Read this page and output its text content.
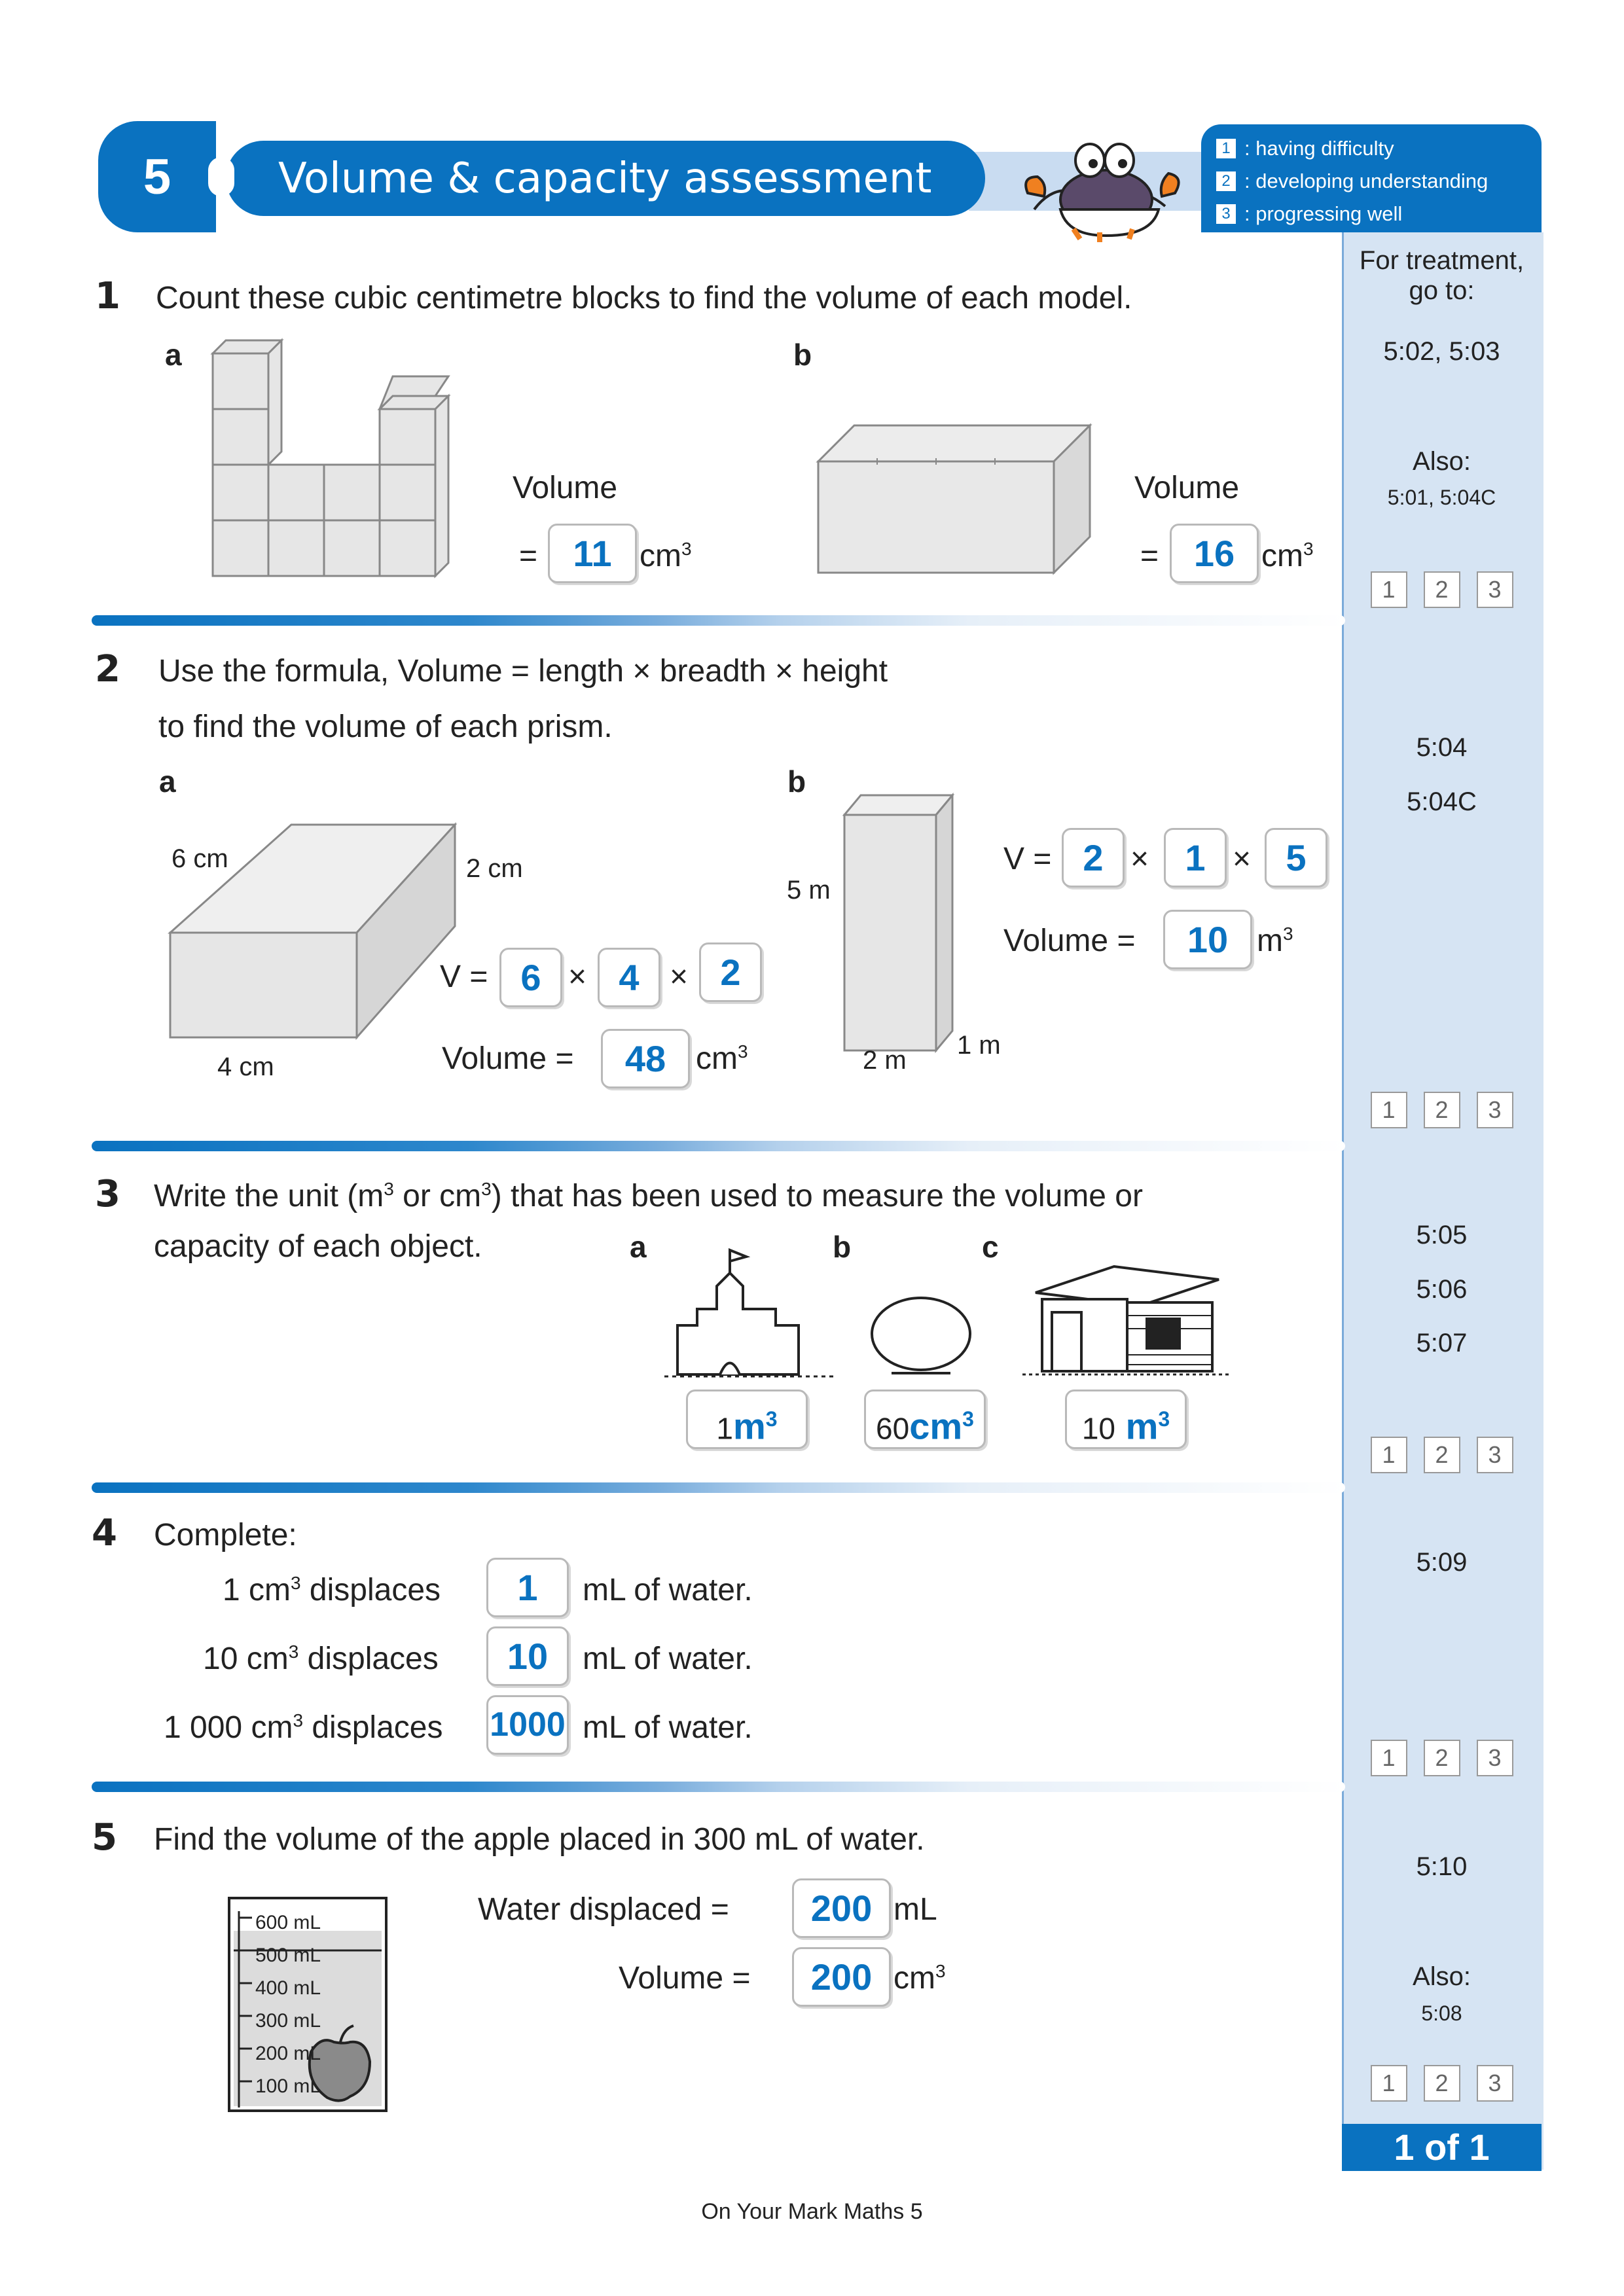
Volume & capacity assessment
5
1 : having difficulty
2 : developing understanding
3 : progressing well
For treatment, go to:
5:02, 5:03
Also:
5:01, 5:04C
1	2	3
5:04
5:04C
1	2	3
5:05
5:06
5:07
1	2	3
5:09
1	2	3
5:10
Also:
5:08
1	2	3
1 of 1
1 Count these cubic centimetre blocks to find the volume of each model.
a	b
Volume
= 11 $cm^3$
Volume
= 16 $cm^3$
2 Use the formula, Volume = length × breadth × height
to find the volume of each prism.
a	b
6 cm	2 cm
4 cm
V = 6 × 4 × 2
Volume =	48 $cm^3$
5 m
2 m
1 m
V = 2 × 1 × 5
Volume =	10 $m^3$
3 Write the unit ($m^3$ or $cm^3$) that has been used to measure the volume or
capacity of each object.	a	b	c
$1m^3$	$60cm^3$	10 $m^3$
4 Complete:
1 $cm^3$ displaces	1	mL of water.
10 $cm^3$ displaces	10	mL of water.
1 000 $cm^3$ displaces	1000 mL of water.
5 Find the volume of the apple placed in 300 mL of water.
600 mL
500 mL
400 mL
300 mL
200 mL
100 mL
Water displaced =	200 mL
Volume =	200 $cm^3$
On Your Mark Maths 5
